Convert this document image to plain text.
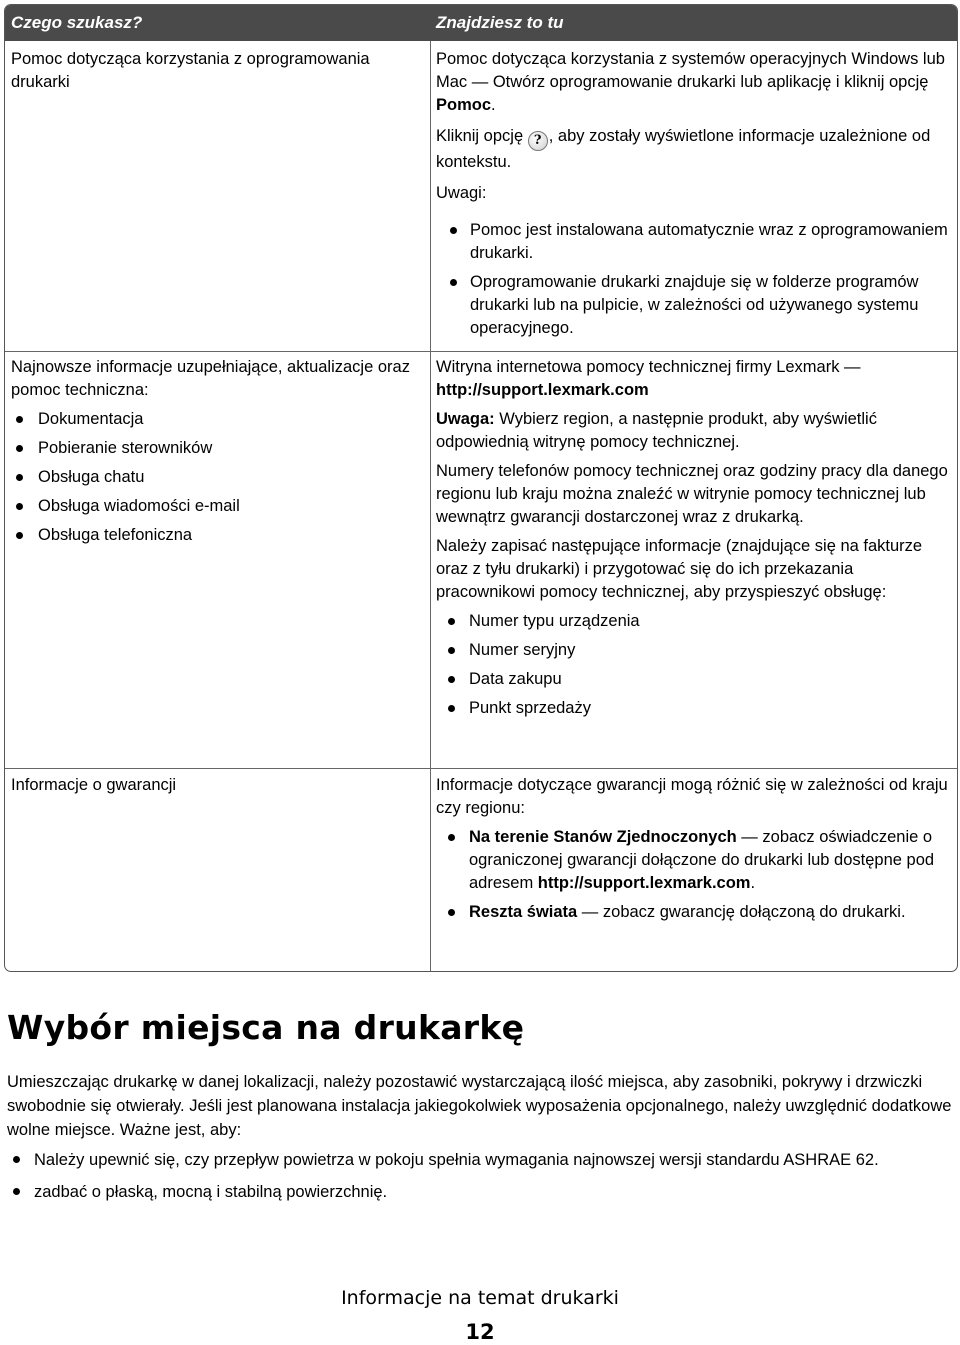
Czego szukasz?	Znajdziesz to tu

Pomoc dotycząca korzystania z oprogramowania drukarki

Pomoc dotycząca korzystania z systemów operacyjnych Windows lub Mac — Otwórz oprogramowanie drukarki lub aplikację i kliknij opcję Pomoc.

Kliknij opcję ? , aby zostały wyświetlone informacje uzależnione od kontekstu.

Uwagi:

Pomoc jest instalowana automatycznie wraz z oprogramowaniem drukarki.
Oprogramowanie drukarki znajduje się w folderze programów drukarki lub na pulpicie, w zależności od używanego systemu operacyjnego.

Najnowsze informacje uzupełniające, aktualizacje oraz pomoc techniczna:

Dokumentacja
Pobieranie sterowników
Obsługa chatu
Obsługa wiadomości e-mail
Obsługa telefoniczna

Witryna internetowa pomocy technicznej firmy Lexmark —
http://support.lexmark.com

Uwaga: Wybierz region, a następnie produkt, aby wyświetlić odpowiednią witrynę pomocy technicznej.

Numery telefonów pomocy technicznej oraz godziny pracy dla danego regionu lub kraju można znaleźć w witrynie pomocy technicznej lub wewnątrz gwarancji dostarczonej wraz z drukarką.

Należy zapisać następujące informacje (znajdujące się na fakturze oraz z tyłu drukarki) i przygotować się do ich przekazania pracownikowi pomocy technicznej, aby przyspieszyć obsługę:

Numer typu urządzenia
Numer seryjny
Data zakupu
Punkt sprzedaży

Informacje o gwarancji	Informacje dotyczące gwarancji mogą różnić się w zależności od kraju czy regionu:

Na terenie Stanów Zjednoczonych — zobacz oświadczenie o ograniczonej gwarancji dołączone do drukarki lub dostępne pod adresem http://support.lexmark.com.
Reszta świata — zobacz gwarancję dołączoną do drukarki.
Wybór miejsca na drukarkę

Umieszczając drukarkę w danej lokalizacji, należy pozostawić wystarczającą ilość miejsca, aby zasobniki, pokrywy i drzwiczki swobodnie się otwierały. Jeśli jest planowana instalacja jakiegokolwiek wyposażenia opcjonalnego, należy uwzględnić dodatkowe wolne miejsce. Ważne jest, aby:

Należy upewnić się, czy przepływ powietrza w pokoju spełnia wymagania najnowszej wersji standardu ASHRAE 62.
zadbać o płaską, mocną i stabilną powierzchnię.
Informacje na temat drukarki
12
